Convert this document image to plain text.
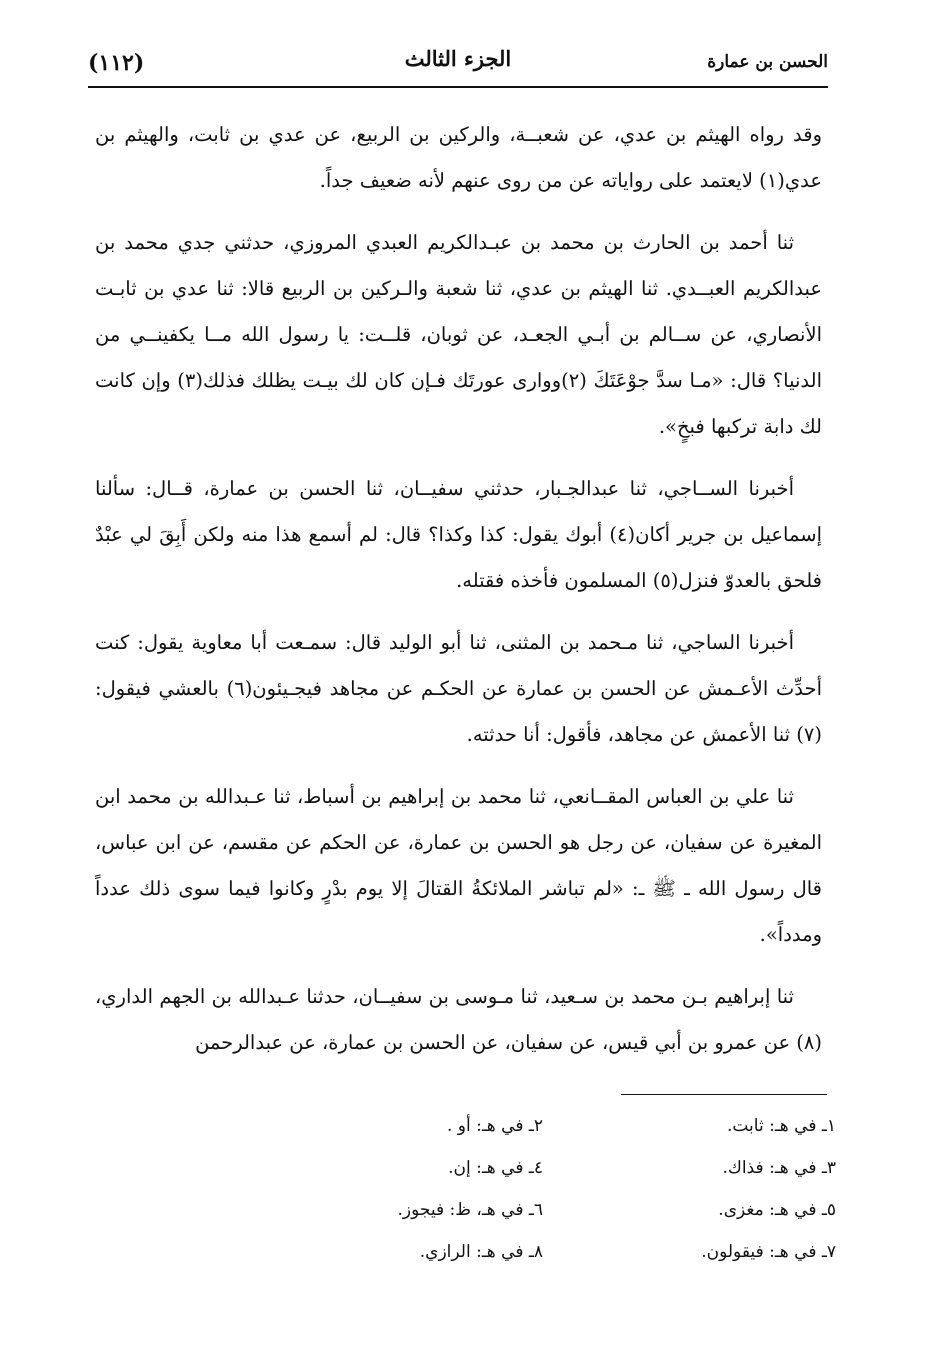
(١١٢)	الجزء الثالث	الحسن بن عمارة

وقد رواه الهيثم بن عدي، عن شعبــة، والركين بن الربيع، عن عدي بن ثابت، والهيثم بن عدي(١) لايعتمد على رواياته عن من روى عنهم لأنه ضعيف جداً.

ثنا أحمد بن الحارث بن محمد بن عبـدالكريم العبدي المروزي، حدثني جدي محمد بن عبدالكريم العبــدي. ثنا الهيثم بن عدي، ثنا شعبة والـركين بن الربيع قالا: ثنا عدي بن ثابـت الأنصاري، عن ســالم بن أبـي الجعـد، عن ثوبان، قلــت: يا رسول الله مــا يكفينــي من الدنيا؟ قال: «مـا سدَّ جوْعَتَكَ (٢)ووارى عورتَك فـإن كان لك بيـت يظلك فذلك(٣) وإن كانت لك دابة تركبها فبخٍ».

أخبرنا الســاجي، ثنا عبدالجـبار، حدثني سفيــان، ثنا الحسن بن عمارة، قــال: سألنا إسماعيل بن جرير أكان(٤) أبوك يقول: كذا وكذا؟ قال: لم أسمع هذا منه ولكن أَبِقَ لي عبْدٌ فلحق بالعدوّ فنزل(٥) المسلمون فأخذه فقتله.

أخبرنا الساجي، ثنا مـحمد بن المثنى، ثنا أبو الوليد قال: سمـعت أبا معاوية يقول: كنت أحدِّث الأعـمش عن الحسن بن عمارة عن الحكـم عن مجاهد فيجـيئون(٦) بالعشي فيقول:(٧) ثنا الأعمش عن مجاهد، فأقول: أنا حدثته.

ثنا علي بن العباس المقــانعي، ثنا محمد بن إبراهيم بن أسباط، ثنا عـبدالله بن محمد ابن المغيرة عن سفيان، عن رجل هو الحسن بن عمارة، عن الحكم عن مقسم، عن ابن عباس، قال رسول الله ـ ﷺ ـ: «لم تباشر الملائكةُ القتالَ إلا يوم بدْرٍ وكانوا فيما سوى ذلك عدداً ومدداً».

ثنا إبراهيم بـن محمد بن سـعيد، ثنا مـوسى بن سفيــان، حدثنا عـبدالله بن الجهم الداري،(٨) عن عمرو بن أبي قيس، عن سفيان، عن الحسن بن عمارة، عن عبدالرحمن

١ـ في هـ: ثابت.
٢ـ في هـ: أو .
٣ـ في هـ: فذاك.
٤ـ في هـ: إن.
٥ـ في هـ: مغزى.
٦ـ في هـ، ظ: فيجوز.
٧ـ في هـ: فيقولون.
٨ـ في هـ: الرازي.
